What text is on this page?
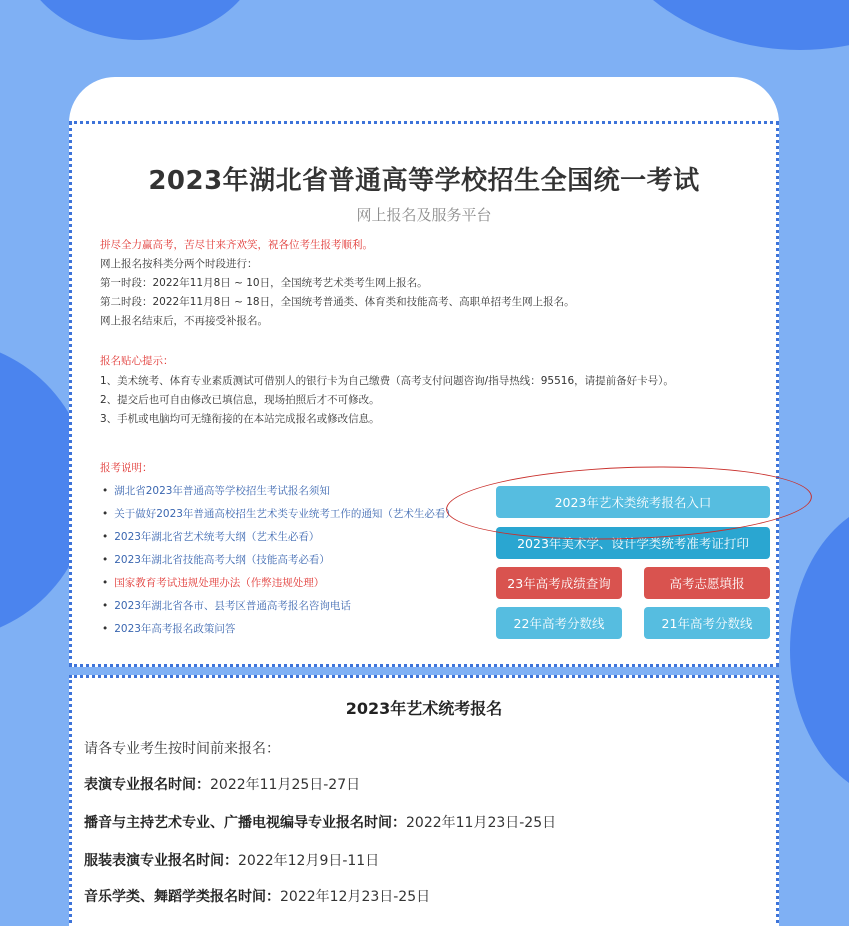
2023年湖北省普通高等学校招生全国统一考试
网上报名及服务平台
拼尽全力赢高考，苦尽甘来齐欢笑，祝各位考生报考顺利。
网上报名按科类分两个时段进行：
第一时段：2022年11月8日 ~ 10日，全国统考艺术类考生网上报名。
第二时段：2022年11月8日 ~ 18日，全国统考普通类、体育类和技能高考、高职单招考生网上报名。
网上报名结束后，不再接受补报名。
报名贴心提示：
1、美术统考、体育专业素质测试可借别人的银行卡为自己缴费（高考支付问题咨询/指导热线：95516，请提前备好卡号）。
2、提交后也可自由修改已填信息，现场拍照后才不可修改。
3、手机或电脑均可无缝衔接的在本站完成报名或修改信息。
报考说明：
• 湖北省2023年普通高等学校招生考试报名须知
• 关于做好2023年普通高校招生艺术类专业统考工作的通知（艺术生必看）
• 2023年湖北省艺术统考大纲（艺术生必看）
• 2023年湖北省技能高考大纲（技能高考必看）
• 国家教育考试违规处理办法（作弊违规处理）
• 2023年湖北省各市、县考区普通高考报名咨询电话
• 2023年高考报名政策问答
2023年艺术类统考报名入口
2023年美术学、设计学类统考准考证打印
23年高考成绩查询	高考志愿填报
22年高考分数线	21年高考分数线
2023年艺术统考报名
请各专业考生按时间前来报名：
表演专业报名时间：2022年11月25日-27日
播音与主持艺术专业、广播电视编导专业报名时间：2022年11月23日-25日
服装表演专业报名时间：2022年12月9日-11日
音乐学类、舞蹈学类报名时间：2022年12月23日-25日
